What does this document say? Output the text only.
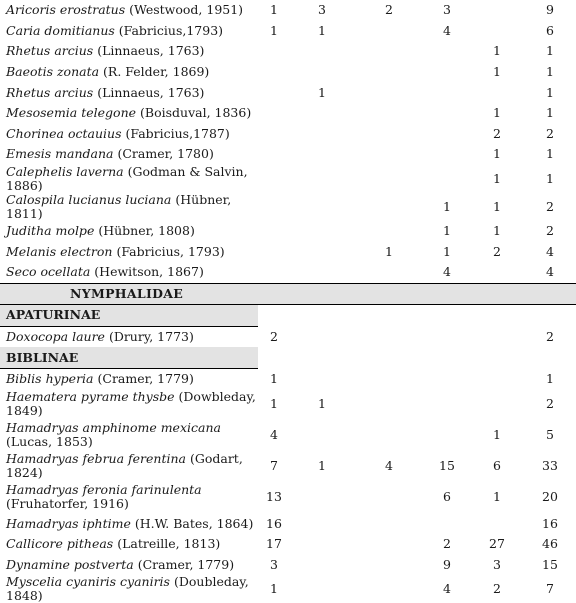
Aricoris erostratus (Westwood, 1951)	1	3	2	3		9
Caria domitianus (Fabricius,1793)	1	1		4		6
Rhetus arcius (Linnaeus, 1763)					1	1
Baeotis zonata (R. Felder, 1869)					1	1
Rhetus arcius (Linnaeus, 1763)		1				1
Mesosemia telegone (Boisduval, 1836)					1	1
Chorinea octauius (Fabricius,1787)					2	2
Emesis mandana (Cramer, 1780)					1	1
Calephelis laverna (Godman & Salvin, 1886)					1	1
Calospila lucianus luciana (Hübner, 1811)				1	1	2
Juditha molpe (Hübner, 1808)				1	1	2
Melanis electron (Fabricius, 1793)			1	1	2	4
Seco ocellata (Hewitson, 1867)				4		4
NYMPHALIDAE						
APATURINAE						
Doxocopa laure (Drury, 1773)	2					2
BIBLINAE						
Biblis hyperia (Cramer, 1779)	1					1
Haematera pyrame thysbe (Dowbleday, 1849)	1	1				2
Hamadryas amphinome mexicana (Lucas, 1853)	4				1	5
Hamadryas februa ferentina (Godart, 1824)	7	1	4	15	6	33
Hamadryas feronia farinulenta (Fruhatorfer, 1916)	13			6	1	20
Hamadryas iphtime (H.W. Bates, 1864)	16					16
Callicore pitheas (Latreille, 1813)	17			2	27	46
Dynamine postverta (Cramer, 1779)	3			9	3	15
Myscelia cyaniris cyaniris (Doubleday, 1848)	1			4	2	7
